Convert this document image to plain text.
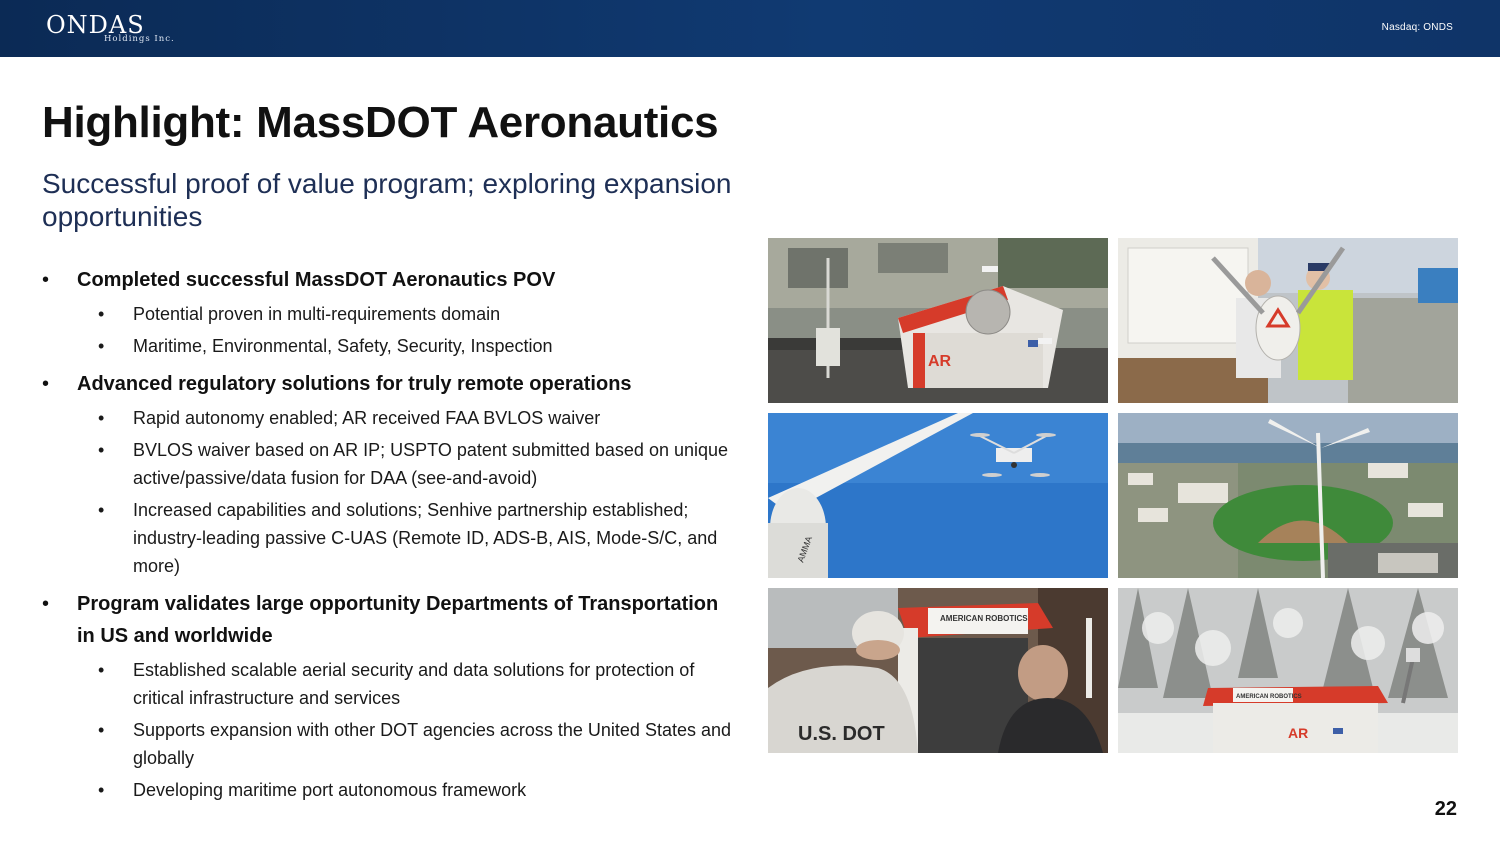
ONDAS
Holdings Inc.
Nasdaq: ONDS
Highlight: MassDOT Aeronautics
Successful proof of value program; exploring expansion opportunities
• Completed successful MassDOT Aeronautics POV
• Potential proven in multi-requirements domain
• Maritime, Environmental, Safety, Security, Inspection
• Advanced regulatory solutions for truly remote operations
• Rapid autonomy enabled; AR received FAA BVLOS waiver
• BVLOS waiver based on AR IP; USPTO patent submitted based on unique active/passive/data fusion for DAA (see-and-avoid)
• Increased capabilities and solutions; Senhive partnership established; industry-leading passive C-UAS (Remote ID, ADS-B, AIS, Mode-S/C, and more)
• Program validates large opportunity Departments of Transportation in US and worldwide
• Established scalable aerial security and data solutions for protection of critical infrastructure and services
• Supports expansion with other DOT agencies across the United States and globally
• Developing maritime port autonomous framework
AR
AMMA
AMERICAN ROBOTICS
U.S. DOT
AMERICAN ROBOTICS
AR
22
